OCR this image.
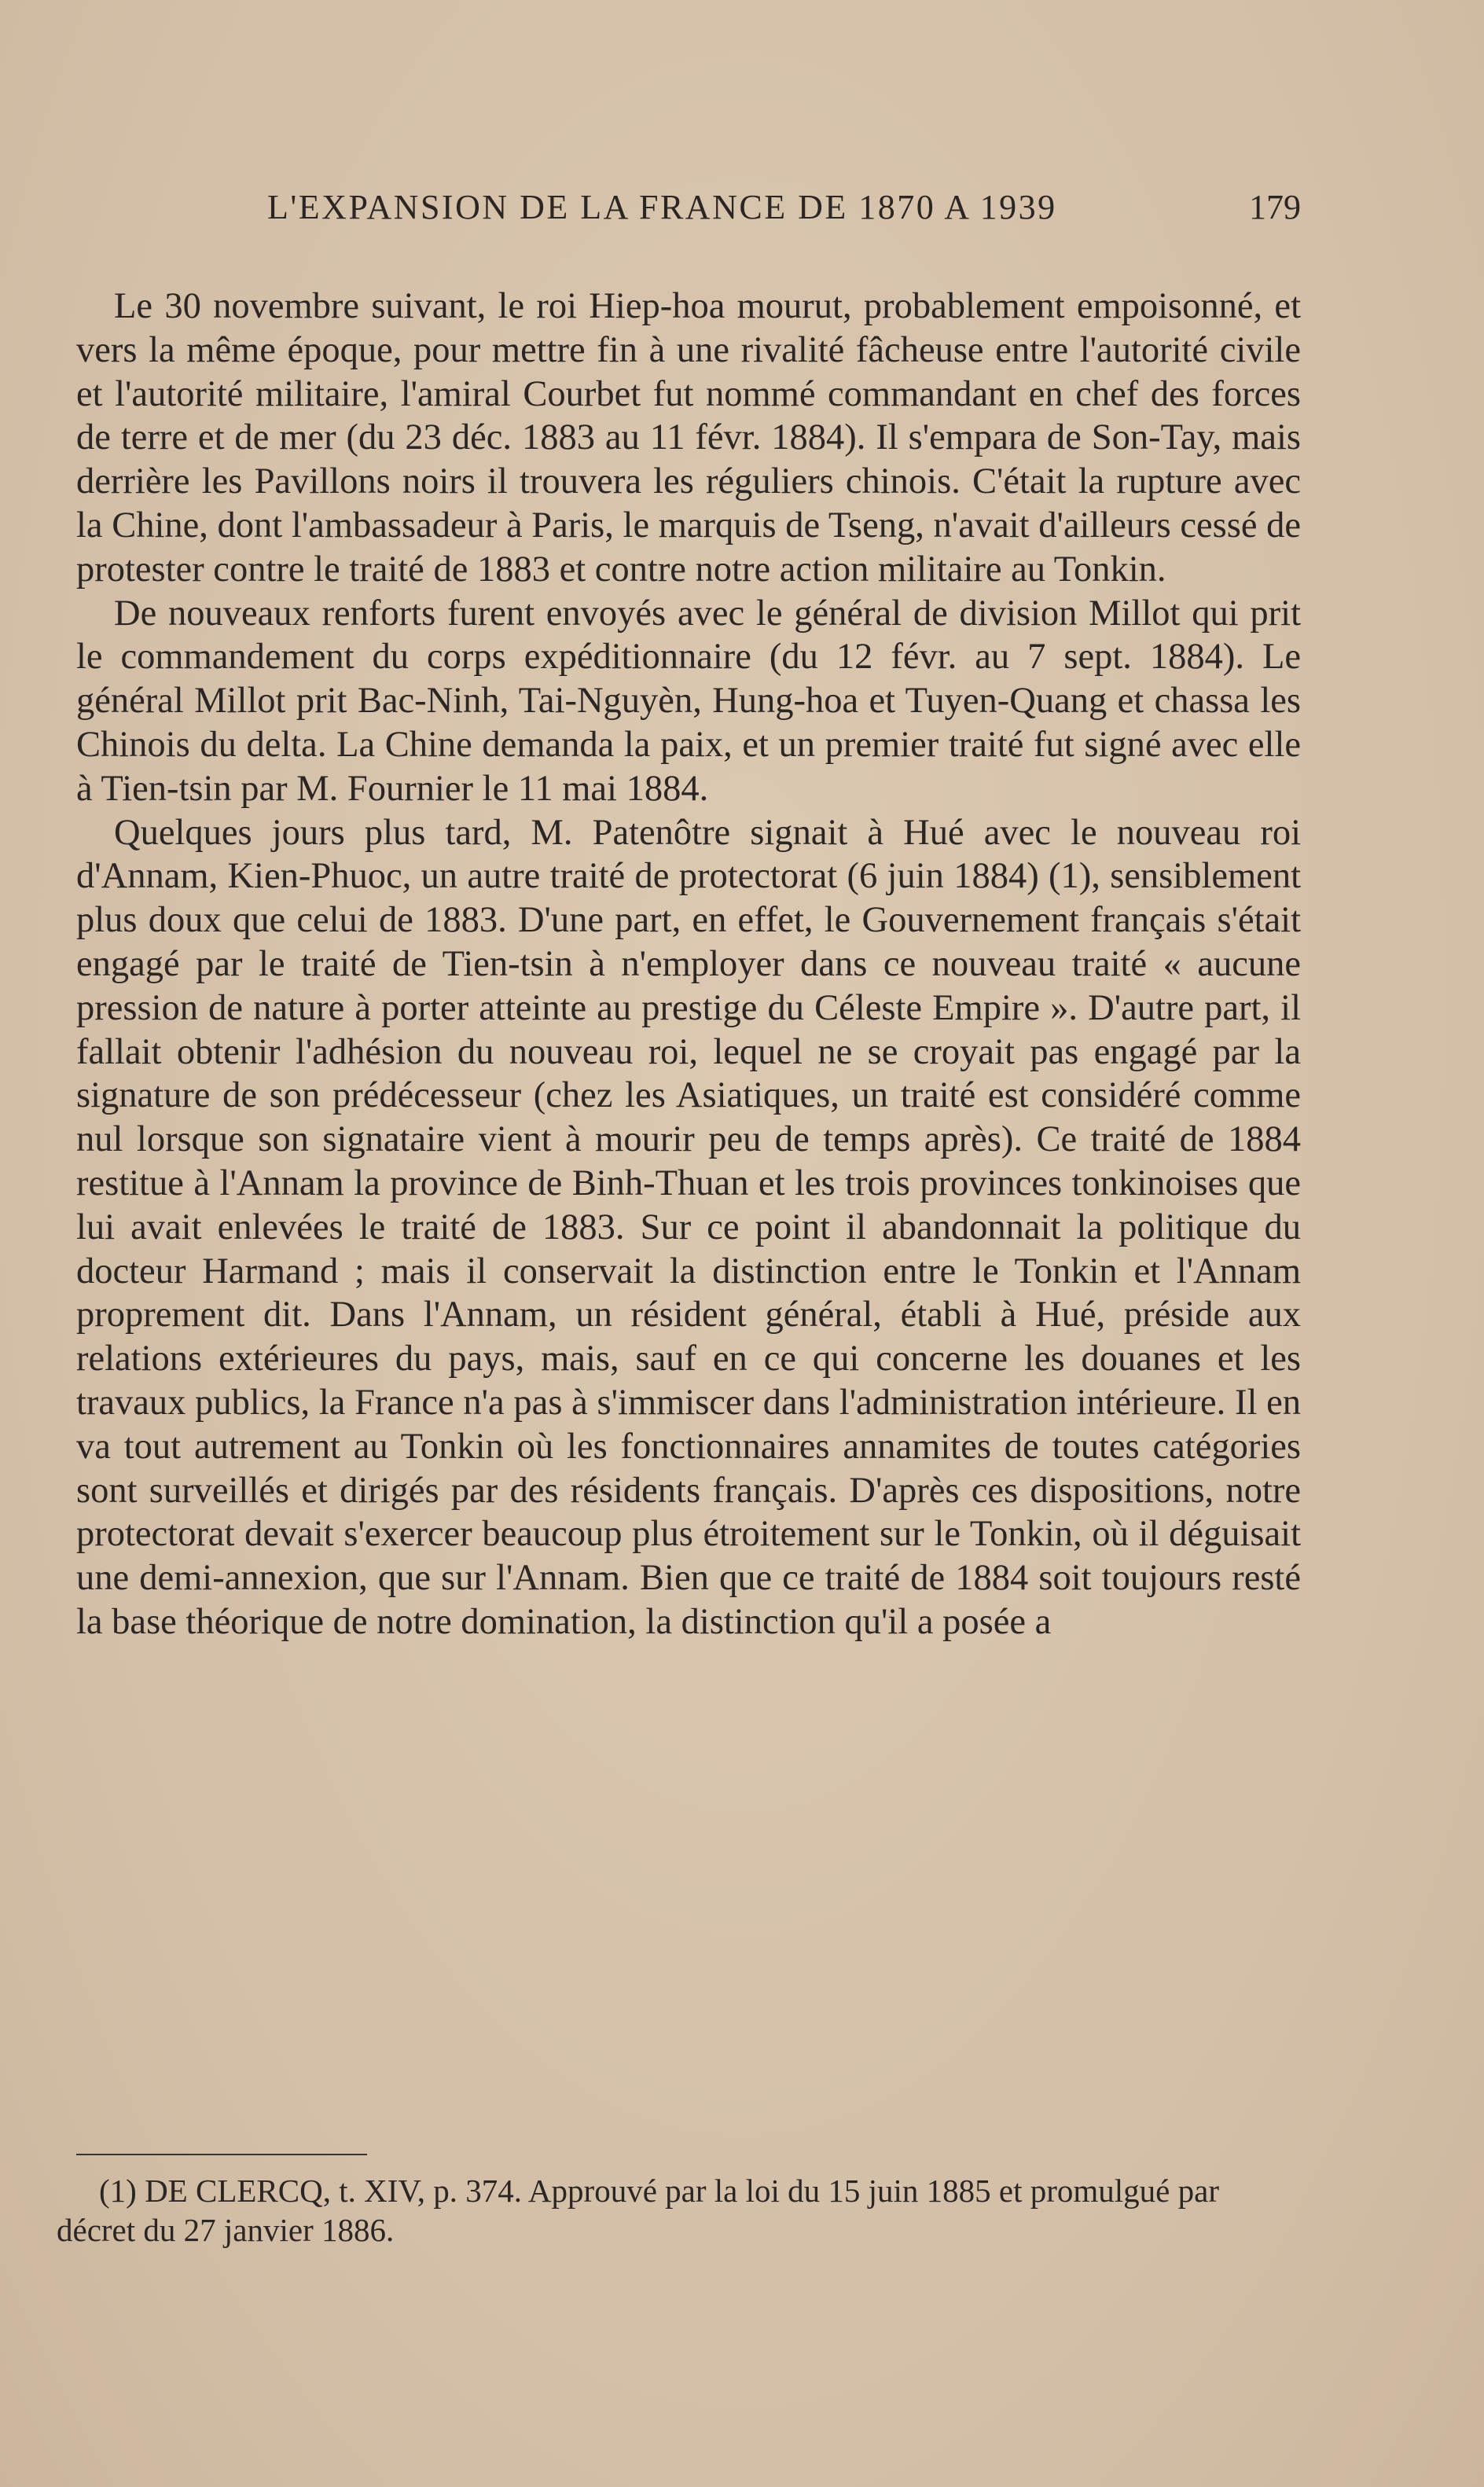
L'EXPANSION DE LA FRANCE DE 1870 A 1939	179

Le 30 novembre suivant, le roi Hiep-hoa mourut, probablement empoisonné, et vers la même époque, pour mettre fin à une rivalité fâcheuse entre l'autorité civile et l'autorité militaire, l'amiral Courbet fut nommé commandant en chef des forces de terre et de mer (du 23 déc. 1883 au 11 févr. 1884). Il s'empara de Son-Tay, mais derrière les Pavillons noirs il trouvera les réguliers chinois. C'était la rupture avec la Chine, dont l'ambassadeur à Paris, le marquis de Tseng, n'avait d'ailleurs cessé de protester contre le traité de 1883 et contre notre action militaire au Tonkin.

De nouveaux renforts furent envoyés avec le général de division Millot qui prit le commandement du corps expéditionnaire (du 12 févr. au 7 sept. 1884). Le général Millot prit Bac-Ninh, Tai-Nguyèn, Hung-hoa et Tuyen-Quang et chassa les Chinois du delta. La Chine demanda la paix, et un premier traité fut signé avec elle à Tien-tsin par M. Fournier le 11 mai 1884.

Quelques jours plus tard, M. Patenôtre signait à Hué avec le nouveau roi d'Annam, Kien-Phuoc, un autre traité de protectorat (6 juin 1884) (1), sensiblement plus doux que celui de 1883. D'une part, en effet, le Gouvernement français s'était engagé par le traité de Tien-tsin à n'employer dans ce nouveau traité « aucune pression de nature à porter atteinte au prestige du Céleste Empire ». D'autre part, il fallait obtenir l'adhésion du nouveau roi, lequel ne se croyait pas engagé par la signature de son prédécesseur (chez les Asiatiques, un traité est considéré comme nul lorsque son signataire vient à mourir peu de temps après). Ce traité de 1884 restitue à l'Annam la province de Binh-Thuan et les trois provinces tonkinoises que lui avait enlevées le traité de 1883. Sur ce point il abandonnait la politique du docteur Harmand ; mais il conservait la distinction entre le Tonkin et l'Annam proprement dit. Dans l'Annam, un résident général, établi à Hué, préside aux relations extérieures du pays, mais, sauf en ce qui concerne les douanes et les travaux publics, la France n'a pas à s'immiscer dans l'administration intérieure. Il en va tout autrement au Tonkin où les fonctionnaires annamites de toutes catégories sont surveillés et dirigés par des résidents français. D'après ces dispositions, notre protectorat devait s'exercer beaucoup plus étroitement sur le Tonkin, où il déguisait une demi-annexion, que sur l'Annam. Bien que ce traité de 1884 soit toujours resté la base théorique de notre domination, la distinction qu'il a posée a

(1) DE CLERCQ, t. XIV, p. 374. Approuvé par la loi du 15 juin 1885 et promulgué par décret du 27 janvier 1886.
